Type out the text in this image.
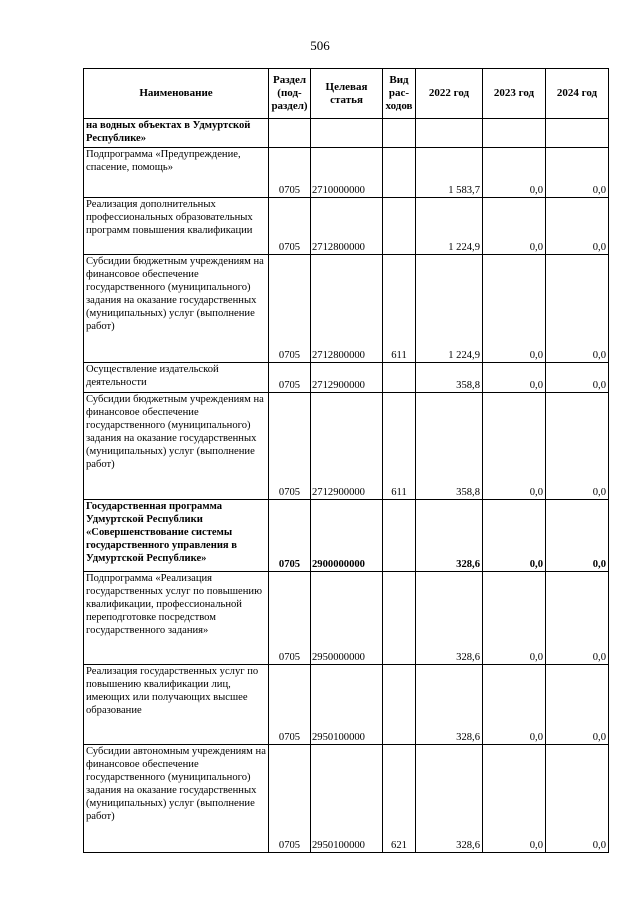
506
Наименование	Раздел (под-раздел)	Целевая статья	Вид рас-ходов	2022 год	2023 год	2024 год
на водных объектах в Удмуртской Республике»						
Подпрограмма «Предупреждение, спасение, помощь»	0705	2710000000		1 583,7	0,0	0,0
Реализация дополнительных профессиональных образовательных программ повышения квалификации	0705	2712800000		1 224,9	0,0	0,0
Субсидии бюджетным учреждениям на финансовое обеспечение государственного (муниципального) задания на оказание государственных (муниципальных) услуг (выполнение работ)	0705	2712800000	611	1 224,9	0,0	0,0
Осуществление издательской деятельности	0705	2712900000		358,8	0,0	0,0
Субсидии бюджетным учреждениям на финансовое обеспечение государственного (муниципального) задания на оказание государственных (муниципальных) услуг (выполнение работ)	0705	2712900000	611	358,8	0,0	0,0
Государственная программа Удмуртской Республики «Совершенствование системы государственного управления в Удмуртской Республике»	0705	2900000000		328,6	0,0	0,0
Подпрограмма «Реализация государственных услуг по повышению квалификации, профессиональной переподготовке посредством государственного задания»	0705	2950000000		328,6	0,0	0,0
Реализация государственных услуг по повышению квалификации лиц, имеющих или получающих высшее образование	0705	2950100000		328,6	0,0	0,0
Субсидии автономным учреждениям на финансовое обеспечение государственного (муниципального) задания на оказание государственных (муниципальных) услуг (выполнение работ)	0705	2950100000	621	328,6	0,0	0,0
